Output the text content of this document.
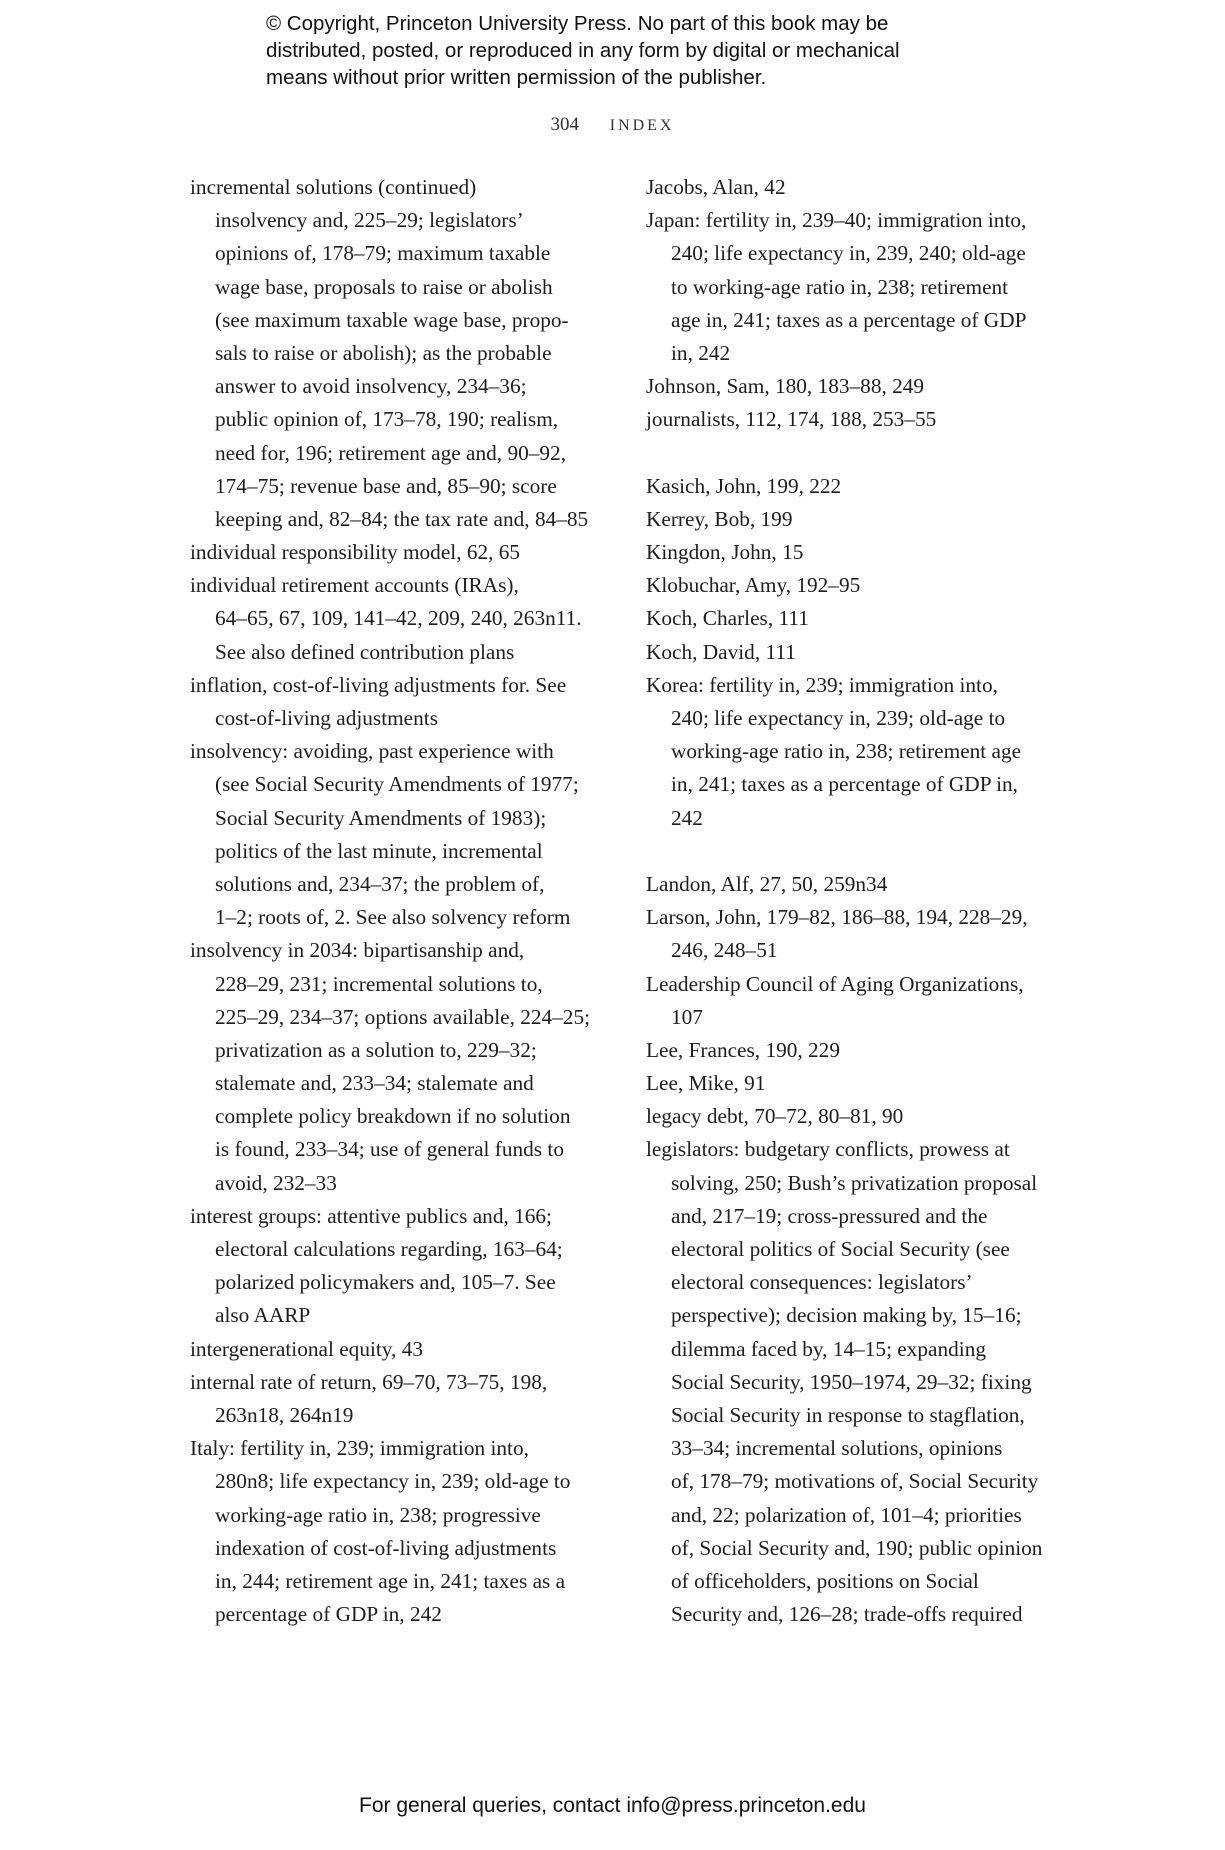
© Copyright, Princeton University Press. No part of this book may be
distributed, posted, or reproduced in any form by digital or mechanical
means without prior written permission of the publisher.
304 INDEX
incremental solutions (continued)
insolvency and, 225–29; legislators’
opinions of, 178–79; maximum taxable
wage base, proposals to raise or abolish
(see maximum taxable wage base, propo-
sals to raise or abolish); as the probable
answer to avoid insolvency, 234–36;
public opinion of, 173–78, 190; realism,
need for, 196; retirement age and, 90–92,
174–75; revenue base and, 85–90; score
keeping and, 82–84; the tax rate and, 84–85
individual responsibility model, 62, 65
individual retirement accounts (IRAs),
64–65, 67, 109, 141–42, 209, 240, 263n11.
See also defined contribution plans
inflation, cost-of-living adjustments for. See
cost-of-living adjustments
insolvency: avoiding, past experience with
(see Social Security Amendments of 1977;
Social Security Amendments of 1983);
politics of the last minute, incremental
solutions and, 234–37; the problem of,
1–2; roots of, 2. See also solvency reform
insolvency in 2034: bipartisanship and,
228–29, 231; incremental solutions to,
225–29, 234–37; options available, 224–25;
privatization as a solution to, 229–32;
stalemate and, 233–34; stalemate and
complete policy breakdown if no solution
is found, 233–34; use of general funds to
avoid, 232–33
interest groups: attentive publics and, 166;
electoral calculations regarding, 163–64;
polarized policymakers and, 105–7. See
also AARP
intergenerational equity, 43
internal rate of return, 69–70, 73–75, 198,
263n18, 264n19
Italy: fertility in, 239; immigration into,
280n8; life expectancy in, 239; old-age to
working-age ratio in, 238; progressive
indexation of cost-of-living adjustments
in, 244; retirement age in, 241; taxes as a
percentage of GDP in, 242
Jacobs, Alan, 42
Japan: fertility in, 239–40; immigration into,
240; life expectancy in, 239, 240; old-age
to working-age ratio in, 238; retirement
age in, 241; taxes as a percentage of GDP
in, 242
Johnson, Sam, 180, 183–88, 249
journalists, 112, 174, 188, 253–55
Kasich, John, 199, 222
Kerrey, Bob, 199
Kingdon, John, 15
Klobuchar, Amy, 192–95
Koch, Charles, 111
Koch, David, 111
Korea: fertility in, 239; immigration into,
240; life expectancy in, 239; old-age to
working-age ratio in, 238; retirement age
in, 241; taxes as a percentage of GDP in,
242
Landon, Alf, 27, 50, 259n34
Larson, John, 179–82, 186–88, 194, 228–29,
246, 248–51
Leadership Council of Aging Organizations,
107
Lee, Frances, 190, 229
Lee, Mike, 91
legacy debt, 70–72, 80–81, 90
legislators: budgetary conflicts, prowess at
solving, 250; Bush’s privatization proposal
and, 217–19; cross-pressured and the
electoral politics of Social Security (see
electoral consequences: legislators’
perspective); decision making by, 15–16;
dilemma faced by, 14–15; expanding
Social Security, 1950–1974, 29–32; fixing
Social Security in response to stagflation,
33–34; incremental solutions, opinions
of, 178–79; motivations of, Social Security
and, 22; polarization of, 101–4; priorities
of, Social Security and, 190; public opinion
of officeholders, positions on Social
Security and, 126–28; trade-offs required
For general queries, contact info@press.princeton.edu
